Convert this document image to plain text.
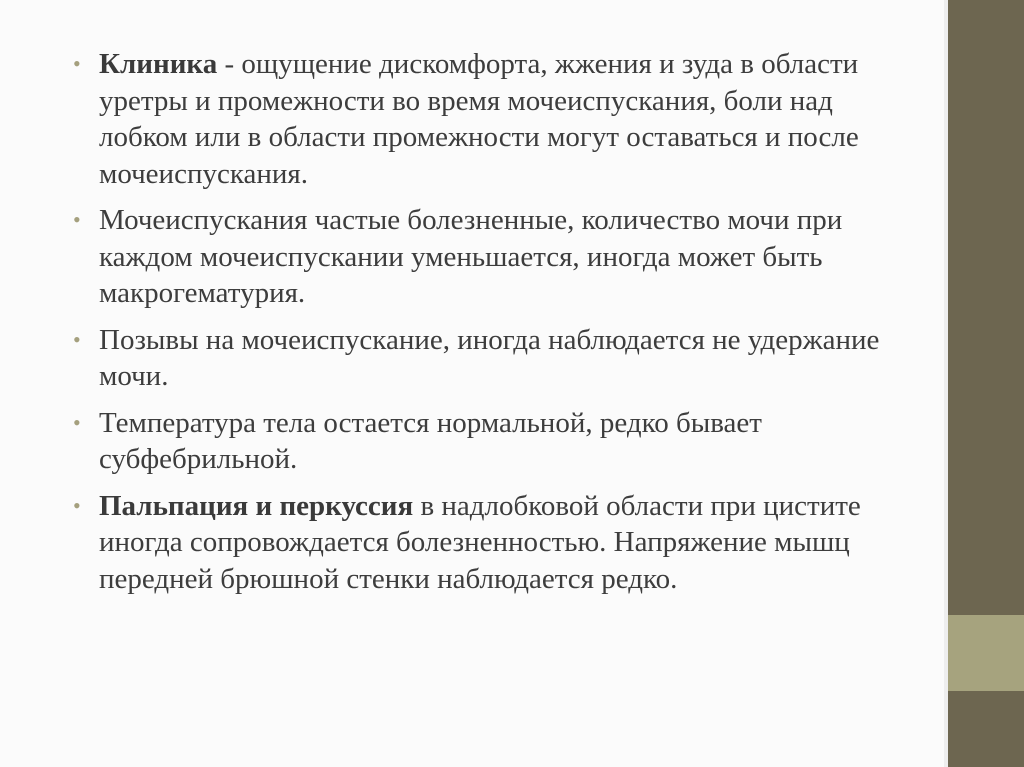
• Клиника - ощущение дискомфорта, жжения и зуда в области уретры и промежности во время мочеиспускания, боли над лобком или в области промежности могут оставаться и после мочеиспускания.
• Мочеиспускания частые болезненные, количество мочи при каждом мочеиспускании уменьшается, иногда может быть макрогематурия.
• Позывы на мочеиспускание, иногда наблюдается не удержание мочи.
• Температура тела остается нормальной, редко бывает субфебрильной.
• Пальпация и перкуссия в надлобковой области при цистите иногда сопровождается болезненностью. Напряжение мышц передней брюшной стенки наблюдается редко.
